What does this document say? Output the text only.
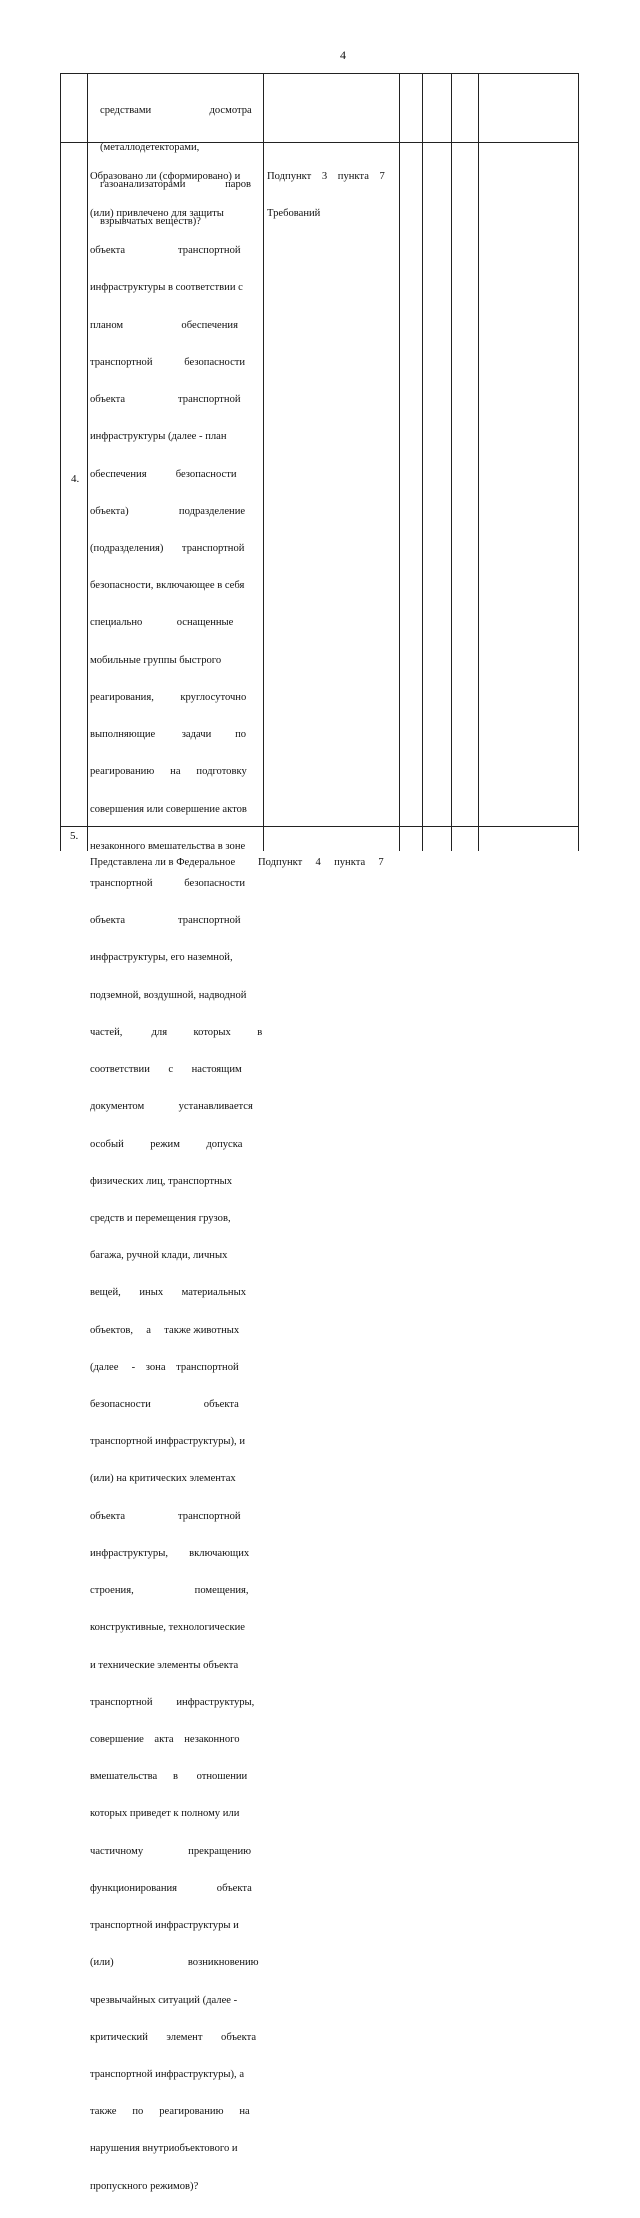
4

средствами                      досмотра

(металлодетекторами,

газоанализаторами               паров

взрывчатых веществ)?

4.

Образовано ли (сформировано) и

(или) привлечено для защиты

объекта                    транспортной

инфраструктуры в соответствии с

планом                      обеспечения

транспортной            безопасности

объекта                    транспортной

инфраструктуры (далее - план

обеспечения           безопасности

объекта)                   подразделение

(подразделения)       транспортной

безопасности, включающее в себя

специально             оснащенные

мобильные группы быстрого

реагирования,          круглосуточно

выполняющие          задачи         по

реагированию      на      подготовку

совершения или совершение актов

незаконного вмешательства в зоне

транспортной            безопасности

объекта                    транспортной

инфраструктуры, его наземной,

подземной, воздушной, надводной

частей,           для          которых          в

соответствии       с       настоящим

документом             устанавливается

особый          режим          допуска

физических лиц, транспортных

средств и перемещения грузов,

багажа, ручной клади, личных

вещей,       иных       материальных

объектов,     а     также животных

(далее     -    зона    транспортной

безопасности                    объекта

транспортной инфраструктуры), и

(или) на критических элементах

объекта                    транспортной

инфраструктуры,        включающих

строения,                       помещения,

конструктивные, технологические

и технические элементы объекта

транспортной         инфраструктуры,

совершение    акта    незаконного

вмешательства      в       отношении

которых приведет к полному или

частичному                 прекращению

функционирования               объекта

транспортной инфраструктуры и

(или)                            возникновению

чрезвычайных ситуаций (далее -

критический       элемент       объекта

транспортной инфраструктуры), а

также      по      реагированию      на

нарушения внутриобъектового и

пропускного режимов)?

Подпункт    3    пункта    7

Требований

5.

Представлена ли в Федеральное

Подпункт     4     пункта     7
